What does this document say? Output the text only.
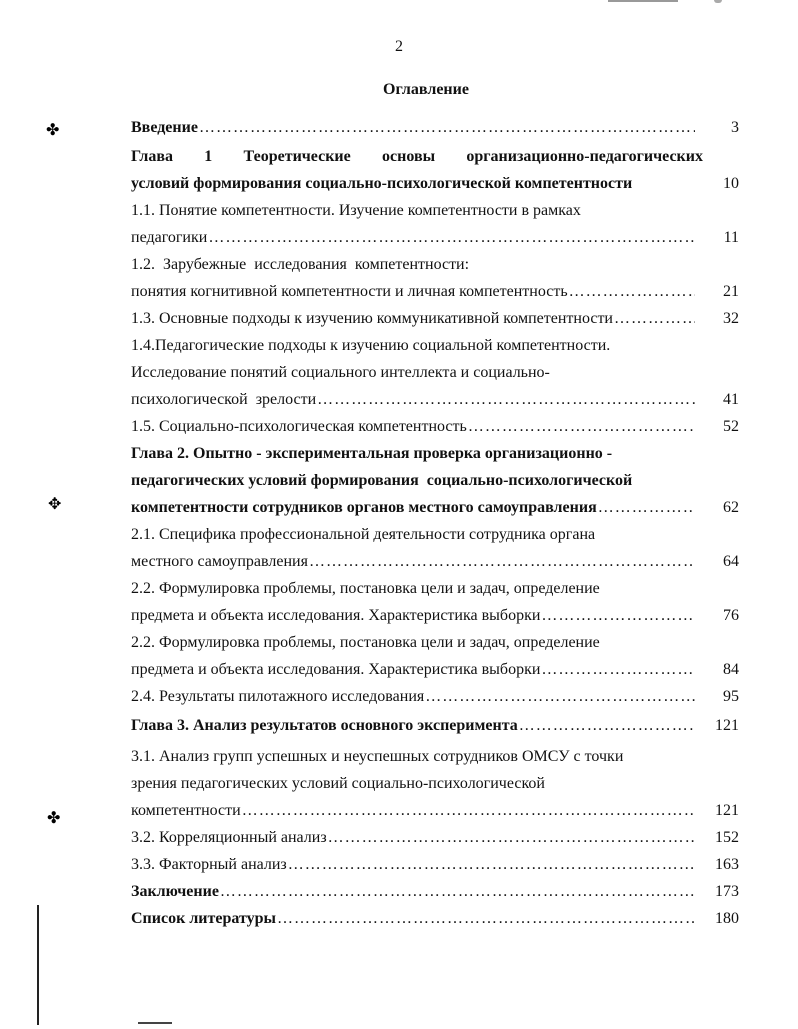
2
Оглавление
Введение ……………………………………………………………………………………………………………………………………………	3
Глава 1 Теоретические основы организационно-педагогических
условий формирования социально-психологической компетентности	10
1.1. Понятие компетентности. Изучение компетентности в рамках
педагогики ……………………………………………………………………………………………………………………………………………	11
1.2.  Зарубежные  исследования  компетентности:
понятия когнитивной компетентности и личная компетентность ……………………………………………………………………………………………………………………………………………	21
1.3. Основные подходы к изучению коммуникативной компетентности ……………………………………………………………………………………………………………………………………………	32
1.4.Педагогические подходы к изучению социальной компетентности.
Исследование понятий социального интеллекта и социально-
психологической  зрелости ……………………………………………………………………………………………………………………………………………	41
1.5. Социально-психологическая компетентность ……………………………………………………………………………………………………………………………………………	52
Глава 2. Опытно - экспериментальная проверка организационно -
педагогических условий формирования  социально-психологической
компетентности сотрудников органов местного самоуправления ……………………………………………………………………………………………………………………………………………	62
2.1. Специфика профессиональной деятельности сотрудника органа
местного самоуправления ……………………………………………………………………………………………………………………………………………	64
2.2. Формулировка проблемы, постановка цели и задач, определение
предмета и объекта исследования. Характеристика выборки ……………………………………………………………………………………………………………………………………………	76
2.2. Формулировка проблемы, постановка цели и задач, определение
предмета и объекта исследования. Характеристика выборки ……………………………………………………………………………………………………………………………………………	84
2.4. Результаты пилотажного исследования ……………………………………………………………………………………………………………………………………………	95
Глава 3. Анализ результатов основного эксперимента ……………………………………………………………………………………………………………………………………………	121
3.1. Анализ групп успешных и неуспешных сотрудников ОМСУ с точки
зрения педагогических условий социально-психологической
компетентности ……………………………………………………………………………………………………………………………………………	121
3.2. Корреляционный анализ ……………………………………………………………………………………………………………………………………………	152
3.3. Факторный анализ ……………………………………………………………………………………………………………………………………………	163
Заключение ……………………………………………………………………………………………………………………………………………	173
Список литературы ……………………………………………………………………………………………………………………………………………	180
✤
✥
✤
